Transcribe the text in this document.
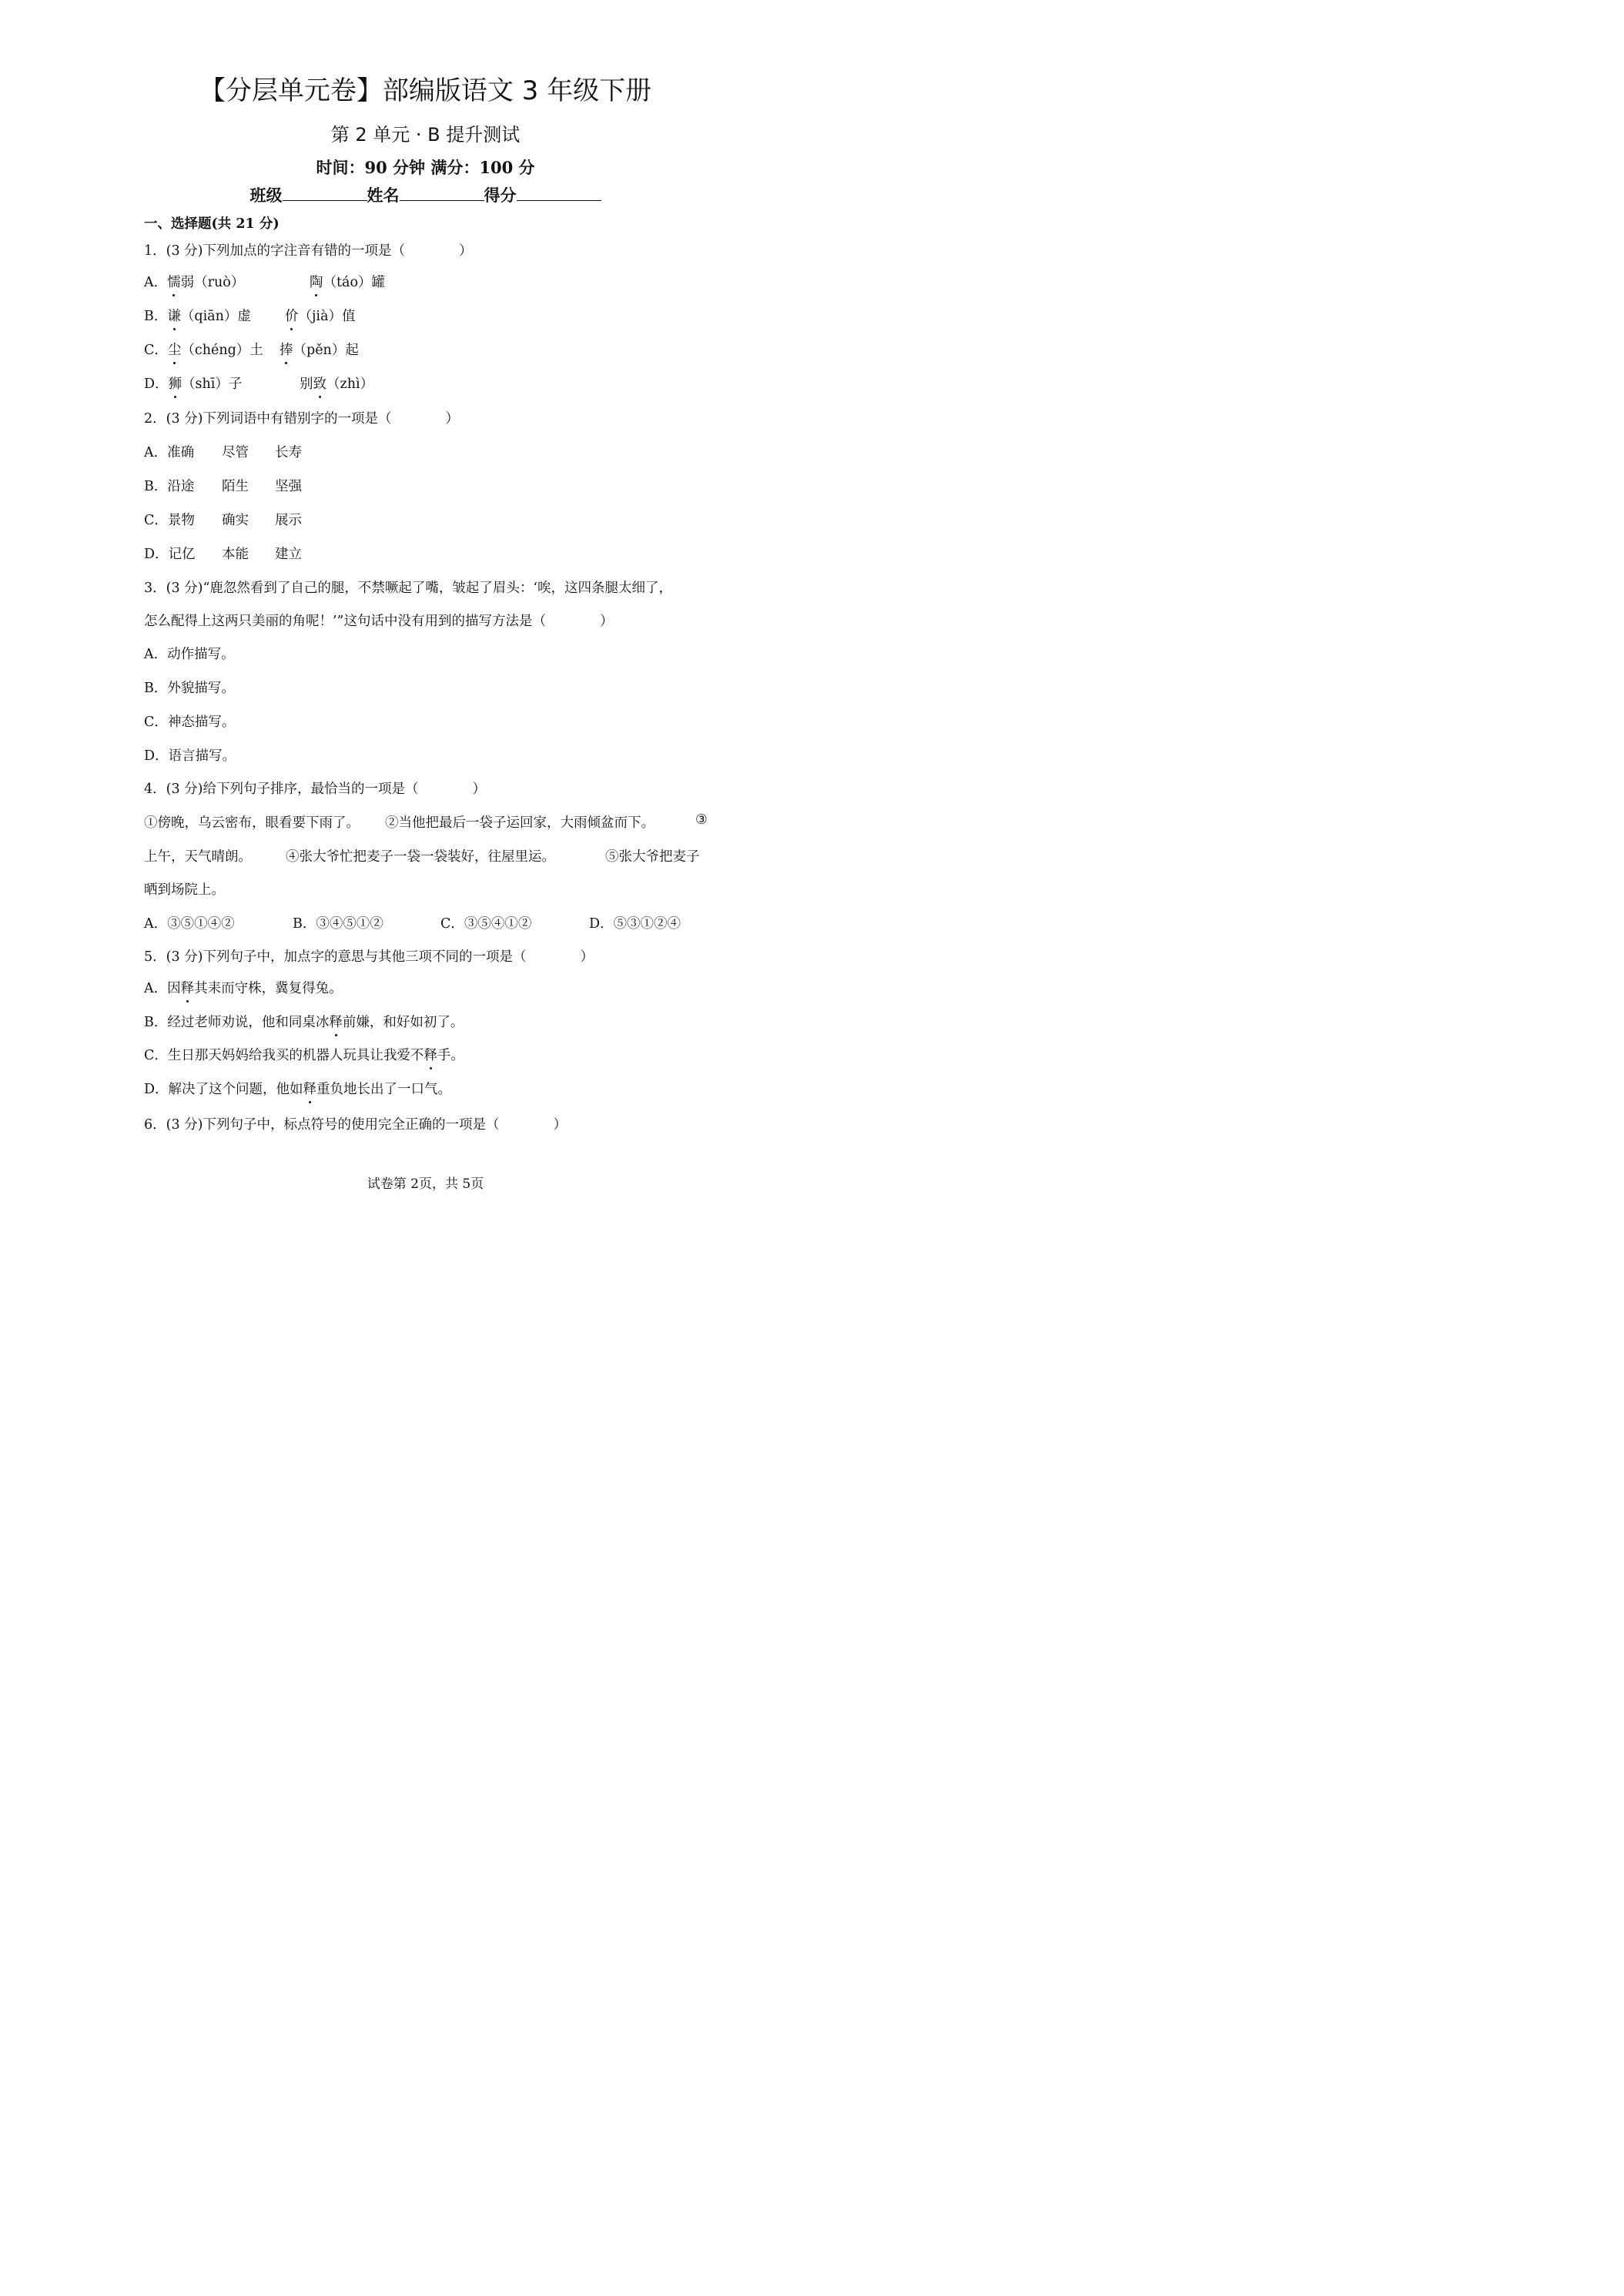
【分层单元卷】部编版语文 3 年级下册
第 2 单元 · B 提升测试
时间：90 分钟 满分：100 分
班级	姓名	得分
一、选择题(共 21 分)
1．(3 分)下列加点的字注音有错的一项是（　　　　）
A．懦弱（ruò）	陶（táo）罐
B．谦（qiān）虚	价（jià）值
C．尘（chéng）土 捧（pěn）起
D．狮（shī）子	别致（zhì）
2．(3 分)下列词语中有错别字的一项是（　　　　）
A．准确 尽管 长寿
B．沿途 陌生 坚强
C．景物 确实 展示
D．记亿 本能 建立
3．(3 分)“鹿忽然看到了自己的腿，不禁噘起了嘴，皱起了眉头：‘唉，这四条腿太细了，
怎么配得上这两只美丽的角呢！’”这句话中没有用到的描写方法是（　　　　）
A．动作描写。
B．外貌描写。
C．神态描写。
D．语言描写。
4．(3 分)给下列句子排序，最恰当的一项是（　　　　）
①傍晚，乌云密布，眼看要下雨了。 ②当他把最后一袋子运回家，大雨倾盆而下。	③
上午，天气晴朗。	④张大爷忙把麦子一袋一袋装好，往屋里运。	⑤张大爷把麦子
晒到场院上。
A．③⑤①④②	B．③④⑤①②	C．③⑤④①②	D．⑤③①②④
5．(3 分)下列句子中，加点字的意思与其他三项不同的一项是（　　　　）
A．因释其耒而守株，冀复得兔。
B．经过老师劝说，他和同桌冰释前嫌，和好如初了。
C．生日那天妈妈给我买的机器人玩具让我爱不释手。
D．解决了这个问题，他如释重负地长出了一口气。
6．(3 分)下列句子中，标点符号的使用完全正确的一项是（　　　　）
试卷第 2页，共 5页
